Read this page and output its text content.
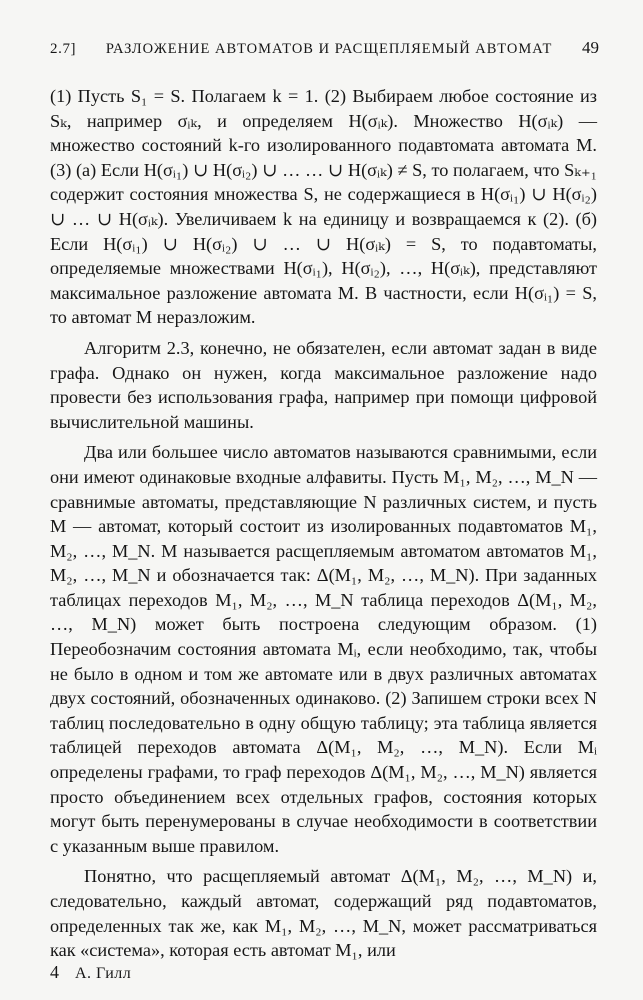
2.7] РАЗЛОЖЕНИЕ АВТОМАТОВ И РАСЩЕПЛЯЕМЫЙ АВТОМАТ 49

(1) Пусть S₁ = S. Полагаем k = 1. (2) Выбираем любое состояние из Sₖ, например σᵢₖ, и определяем H(σᵢₖ). Множество H(σᵢₖ) — множество состояний k-го изолированного подавтомата автомата M. (3) (a) Если H(σᵢ₁) ∪ H(σᵢ₂) ∪ … … ∪ H(σᵢₖ) ≠ S, то полагаем, что Sₖ₊₁ содержит состояния множества S, не содержащиеся в H(σᵢ₁) ∪ H(σᵢ₂) ∪ … ∪ H(σᵢₖ). Увеличиваем k на единицу и возвращаемся к (2). (б) Если H(σᵢ₁) ∪ H(σᵢ₂) ∪ … ∪ H(σᵢₖ) = S, то подавтоматы, определяемые множествами H(σᵢ₁), H(σᵢ₂), …, H(σᵢₖ), представляют максимальное разложение автомата M. В частности, если H(σᵢ₁) = S, то автомат M неразложим.

Алгоритм 2.3, конечно, не обязателен, если автомат задан в виде графа. Однако он нужен, когда максимальное разложение надо провести без использования графа, например при помощи цифровой вычислительной машины.

Два или большее число автоматов называются сравнимыми, если они имеют одинаковые входные алфавиты. Пусть M₁, M₂, …, M_N — сравнимые автоматы, представляющие N различных систем, и пусть M — автомат, который состоит из изолированных подавтоматов M₁, M₂, …, M_N. M называется расщепляемым автоматом автоматов M₁, M₂, …, M_N и обозначается так: Δ(M₁, M₂, …, M_N). При заданных таблицах переходов M₁, M₂, …, M_N таблица переходов Δ(M₁, M₂, …, M_N) может быть построена следующим образом. (1) Переобозначим состояния автомата Mᵢ, если необходимо, так, чтобы не было в одном и том же автомате или в двух различных автоматах двух состояний, обозначенных одинаково. (2) Запишем строки всех N таблиц последовательно в одну общую таблицу; эта таблица является таблицей переходов автомата Δ(M₁, M₂, …, M_N). Если Mᵢ определены графами, то граф переходов Δ(M₁, M₂, …, M_N) является просто объединением всех отдельных графов, состояния которых могут быть перенумерованы в случае необходимости в соответствии с указанным выше правилом.

Понятно, что расщепляемый автомат Δ(M₁, M₂, …, M_N) и, следовательно, каждый автомат, содержащий ряд подавтоматов, определенных так же, как M₁, M₂, …, M_N, может рассматриваться как «система», которая есть автомат M₁, или

4 А. Гилл
